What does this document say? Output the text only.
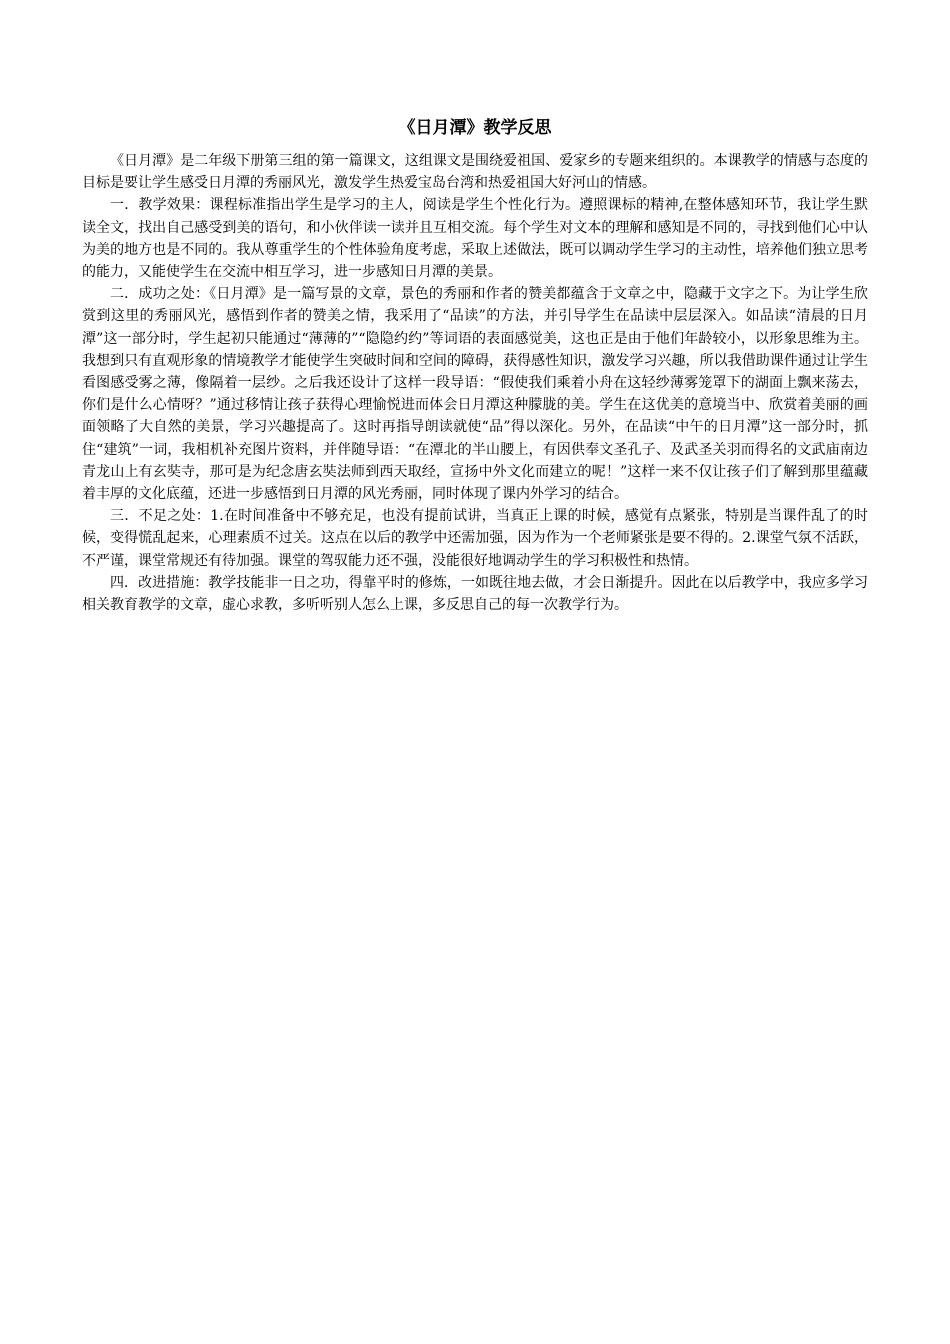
《日月潭》教学反思

《日月潭》是二年级下册第三组的第一篇课文，这组课文是围绕爱祖国、爱家乡的专题来组织的。本课教学的情感与态度的目标是要让学生感受日月潭的秀丽风光，激发学生热爱宝岛台湾和热爱祖国大好河山的情感。

一．教学效果：课程标准指出学生是学习的主人，阅读是学生个性化行为。遵照课标的精神,在整体感知环节，我让学生默读全文，找出自己感受到美的语句，和小伙伴读一读并且互相交流。每个学生对文本的理解和感知是不同的，寻找到他们心中认为美的地方也是不同的。我从尊重学生的个性体验角度考虑，采取上述做法，既可以调动学生学习的主动性，培养他们独立思考的能力，又能使学生在交流中相互学习，进一步感知日月潭的美景。

二．成功之处：《日月潭》是一篇写景的文章，景色的秀丽和作者的赞美都蕴含于文章之中，隐藏于文字之下。为让学生欣赏到这里的秀丽风光，感悟到作者的赞美之情，我采用了“品读”的方法，并引导学生在品读中层层深入。如品读“清晨的日月潭”这一部分时，学生起初只能通过“薄薄的”“隐隐约约”等词语的表面感觉美，这也正是由于他们年龄较小，以形象思维为主。我想到只有直观形象的情境教学才能使学生突破时间和空间的障碍，获得感性知识，激发学习兴趣，所以我借助课件通过让学生看图感受雾之薄，像隔着一层纱。之后我还设计了这样一段导语：“假使我们乘着小舟在这轻纱薄雾笼罩下的湖面上飘来荡去，你们是什么心情呀？”通过移情让孩子获得心理愉悦进而体会日月潭这种朦胧的美。学生在这优美的意境当中、欣赏着美丽的画面领略了大自然的美景，学习兴趣提高了。这时再指导朗读就使“品”得以深化。另外，在品读“中午的日月潭”这一部分时，抓住“建筑”一词，我相机补充图片资料，并伴随导语：“在潭北的半山腰上，有因供奉文圣孔子、及武圣关羽而得名的文武庙南边青龙山上有玄奘寺，那可是为纪念唐玄奘法师到西天取经，宣扬中外文化而建立的呢！”这样一来不仅让孩子们了解到那里蕴藏着丰厚的文化底蕴，还进一步感悟到日月潭的风光秀丽，同时体现了课内外学习的结合。

三．不足之处：1.在时间准备中不够充足，也没有提前试讲，当真正上课的时候，感觉有点紧张，特别是当课件乱了的时候，变得慌乱起来，心理素质不过关。这点在以后的教学中还需加强，因为作为一个老师紧张是要不得的。2.课堂气氛不活跃，不严谨，课堂常规还有待加强。课堂的驾驭能力还不强，没能很好地调动学生的学习积极性和热情。

四．改进措施：教学技能非一日之功，得靠平时的修炼，一如既往地去做，才会日渐提升。因此在以后教学中，我应多学习相关教育教学的文章，虚心求教，多听听别人怎么上课，多反思自己的每一次教学行为。
